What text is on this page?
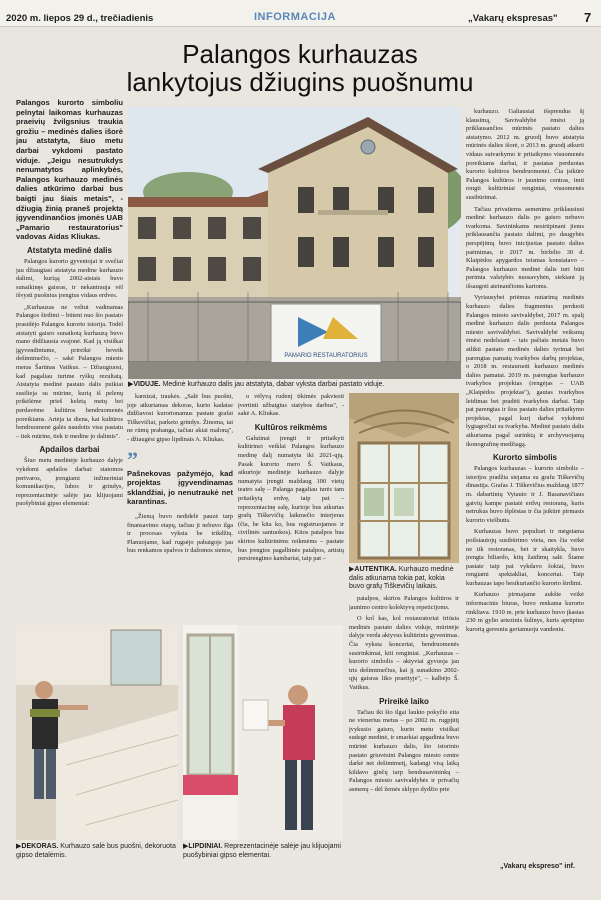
2020 m. liepos 29 d., trečiadienis	INFORMACIJA	„Vakarų ekspresas" 7
Palangos kurhauzas
lankytojus džiugins puošnumu
PAMARIO RESTAURATORIUS
▶VIDUJE. Medinė kurhauzo dalis jau atstatyta, dabar vyksta darbai pastato viduje.

Palangos kurorto simboliu pelnytai laikomas kurhauzas praeivių žvilgsnius traukia grožiu – medinės dalies išorė jau atstatyta, šiuo metu darbai vykdomi pastato viduje. „Jeigu nesutrukdys nenumatytos aplinkybės, Palangos kurhauzo medinės dalies atkūrimo darbai bus baigti jau šiais metais", - džiugią žinią praneš projektą įgyvendinančios įmonės UAB „Pamario restauratorius" vadovas Aidas Kliukas.

Atstatyta medinė dalis

Palangos kurorto gyventojai ir svečiai jau džiaugiasi atstatyta medine kurhauzo dalimi, kuriąą 2002-aisiais buvo sunaikinęs gaisras, ir nekantrauja vėl išvysti puošnius įrengtus vidaus erdves.

„Kurhauzas ne veltui vadinamas Palangos širdimi – būtent nuo šio pastato prasidėjo Palangos kurorto istorija. Todėl atstatyti gaisro sunaikotą kurhauzą buvo mano didžiausia svajonė. Kad ją visiškai įgyvendintume, prireikė beveik dešimtmečio, – sakė Palangos miesto meras Šarūnas Vaitkus. – Džiaugiuosi, kad pagaliau turime ryškų rezultatą. Atstatyta medinė pastato dalis puikiai susilieja su mūrine, kurią iš pelenų prikėlėme prieš keletą metų bei perdavėme kultūros bendruomenės poreikiams. Artėja ta diena, kai kultūros bendruomenė galės naudotis visu pastatu – tiek mūrine, tiek ir medine jo dalimis".

Apdailos darbai

Šiuo metu medinėje kurhauzo dalyje vykdomi apdailos darbai: statomos pertvaros, įrengiami inžineriniai komunikacijos, lubos ir grindys, reprezentacinėje salėje jau klijuojami puošybiniai gipso elementai:

karnizai, traukės. „Salė bus puošni, joje atkuriamas dekoras, kurio kadaise didžiavosi kurortonamus pastate grafai Tiškevičiai, parketo grindys. Žinoma, tai ne rūmų prabanga, tačiau akiai maloną", - džiaugėsi gipso lipdinais A. Kliukas.

”
Pašnekovas pažymėjo, kad projektas įgyvendinamas sklandžiai, jo nenutraukė net karantinas.

„Žiemą buvo nedidelė pauzė tarp finansavimo etapų, tačiau ji nebuvo ilga ir procesas vyksta be trikdžių. Planuojame, kad rugsėjo pabaigoje jau bus renkamos spalvos ir dažomos sienos,

o vėlyvą rudenį tikimės pakviesti įvertinti užbaigtus statybos darbus", - sakė A. Kliukas.

Kultūros reikmėms

Galutinai įrengti ir pritaikyti kultūrinei veiklai Palangos kurhauzo medinę dalį numatyta iki 2021-ųjų. Pasak kurorto mero Š. Vaitkaus, atkurtoje medinėje kurhauzo dalyje numatyta įrengti maždaug 100 vietų teatro salę – Palanga pagaliau turės tam pritaikytą erdvę, taip pat – reprezentacinę salę, kurioje bus atkurtas grafų Tiškevičių laikmečio interjeras (čia, be kita ko, bus registruojamos ir civilinės santuokos). Kitos patalpos bus skirtos kultūrinėms reikmėms – pastate bus įrengtos pagalbinės patalpos, artistų persirengimo kambariai, taip pat –

▶AUTENTIKA. Kurhauzo medinė dalis atkuriama tokia pat, kokia buvo grafų Tiškevičių laikais.

patalpos, skirtos Palangos kultūros ir jaunimo centro kolektyvų repeticijoms.

O kol kas, kol restauratoriai triūsia medinės pastato dalies viduje, mūrinėje dalyje verda aktyvus kultūrinis gyvenimas. Čia vyksta koncertai, bendruomenės susirinkimai, kiti renginiai. „Kurhauzas – kurorto simbolis – aktyviai gyvuoja jau tris dešimtmečius, kai jį sunaikino 2002-ųjų gaisras liko praeityje", – kalbėjo Š. Vaitkus.

Prireikė laiko

Tačiau iki šio ilgai laukto pokyčio eita ne vienerius metus – po 2002 m. rugpjūtį įvykusio gaisro, kurio metu visiškai sudegė medinė, ir smarkiai apgadinta buvo mūrinė kurhauzo dalis, šio istorinio pastato griuvėsini Palangos miesto centre darkė net dešimtmetį, kadangi visą laiką kildavo ginčų tarp bendrasavininkų – Palangos miesto savivaldybės ir privačių asmenų – dėl žemės sklypo dydžio prie

kurhauzo. Galiausiai išsprendus šį klausimą, Savivaldybė ėmėsi ją priklausančios mūrinės pastato dalies atstatymo. 2012 m. gruodį buvo atstatyta mūrinės dalies išorė, o 2013 m. gruodį atkurti vidaus sutvarkymo ir pritaikymo visuomenės poreikiams darbai, ir pastatas perduotas kurorto kultūros bendruomenei. Čia įsikūrė Palangos kultūros ir jaunimo centras, imti rengti kultūriniai renginiai, visuomenės susibūrimai.

Tačiau privatiems asmenims priklausiusi medinė kurhauzo dalis po gaisro nebuvo tvarkoma. Savininkams nesirūpinant jiems priklausančia pastato dalimi, po daugybės perspėjimų buvo inicijuotas pastato dalies paėmimas, ir 2017 m. birželio 30 d. Klaipėdos apygardos teismas konstatavo – Palangos kurhauzo medinė dalis turi būti perimta valstybės nuosavybėn, siekiant ją išsaugoti ateinančioms kartoms.

Vyriausybei priėmus nutarimą medinės kurhauzo dalies fragmentus perduoti Palangos miesto savivaldybei, 2017 m. spalį medinė kurhauzo dalis perduota Palangos miesto savivaldybei. Savivaldybė veiksmų ėmėsi nedelsiant – tais pačiais metais buvo atlikti pastato medinės dalies tyrimai bei parengtas pamatų tvarkybos darbų projektas, o 2018 m. restauruoti kurhauzo medinės dalies pamatai. 2019 m. parengtas kurhauzo tvarkybos projektas (rengėjas – UAB „Klaipėdos projektas"), gautas tvarkybos leidimas bei pradėti tvarkybos darbai. Taip pat parengtas ir šios pastato dalies pritaikymo projektas, pagal kurį darbai vykdomi lygiagrečiai su tvarkyba. Medinė pastato dalis atkuriama pagal surinktą ir archyvuojamą ikonografinę medžiagą.

Kurorto simbolis

Palangos kurhauzas – kurorto simbolis – istorijos pradžia siejama su grafu Tiškevičių dinastija. Grafas J. Tiškevičius maždaug 1877 m. dabartinių Vytauto ir J. Basanavičiaus gatvių kampe pastatė erdvų restoraną, kuris netrukus buvo išplėstas ir čia įsikūrė pirmasis kurorto viešbutis.

Kurhauzas buvo populiari ir mėgstama poilsiautojų susibūrimo vieta, nes čia veikė ne tik restoranas, bet ir skaitykla, buvo įrengta biliardo, kitų žaidimų salė. Šiame pastate taip pat vykdavo šokiai, buvo rengiami spektakliai, koncertai. Taip kurhauzas tapo besikuriančio kurorto širdimi.

Kurhauzo pirmajame aukšte veikė informacinis biuras, buvo renkama kurorto rinkliava. 1910 m. prie kurhauzo buvo įkastas 230 m gylio artezinis šulinys, kuris aprūpino kurortą geresniu geriamuoju vandeniu.

„Vakarų ekspreso" inf.
▶DEKORAS. Kurhauzo salė bus puošni, dekoruota gipso detalėmis.
▶LIPDINIAI. Reprezentacinėje salėje jau klijuojami puošybiniai gipso elementai.
